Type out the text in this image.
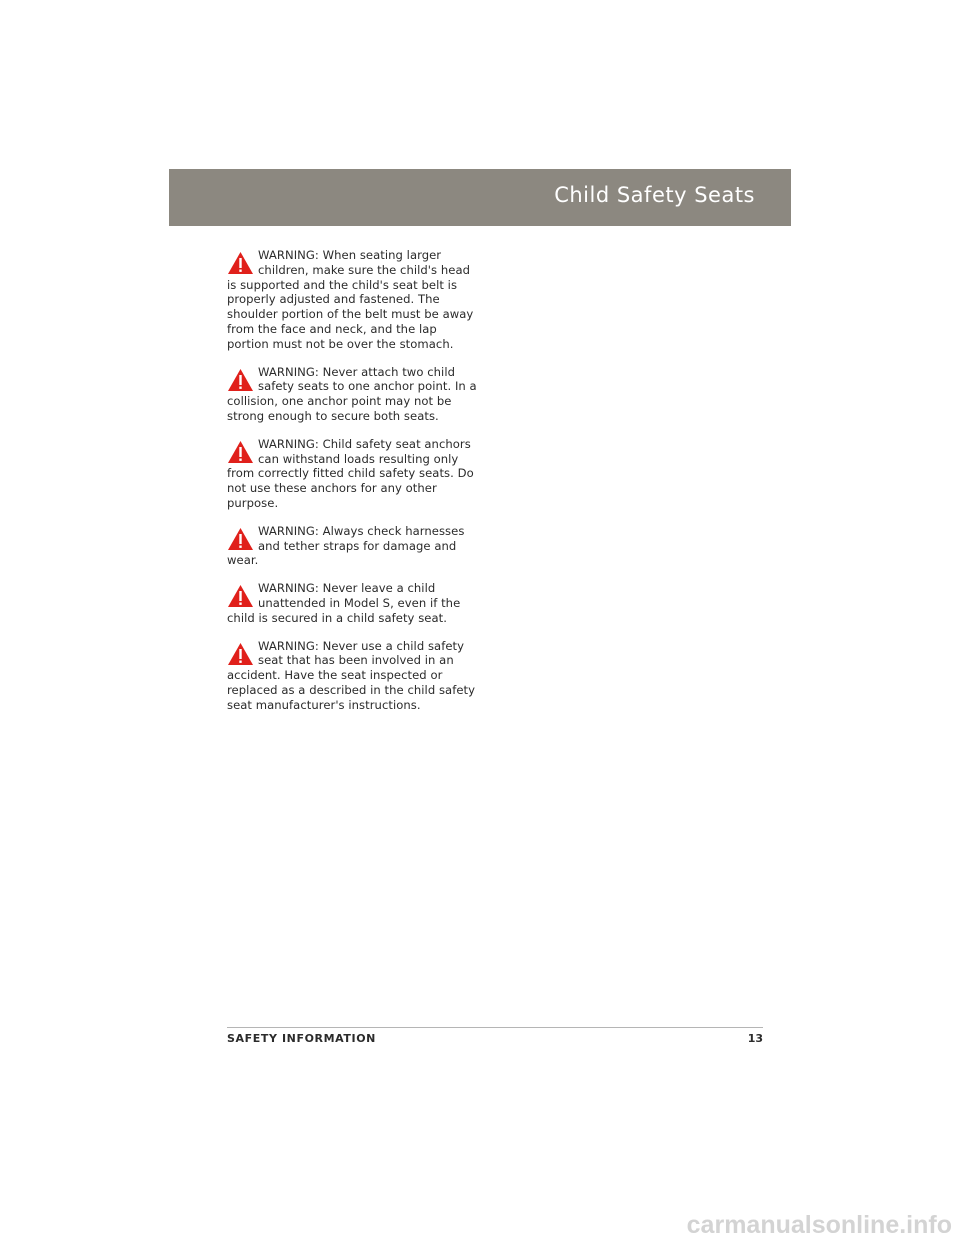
Child Safety Seats
WARNING: When seating larger children, make sure the child's head is supported and the child's seat belt is properly adjusted and fastened. The shoulder portion of the belt must be away from the face and neck, and the lap portion must not be over the stomach.
WARNING: Never attach two child safety seats to one anchor point. In a collision, one anchor point may not be strong enough to secure both seats.
WARNING: Child safety seat anchors can withstand loads resulting only from correctly fitted child safety seats. Do not use these anchors for any other purpose.
WARNING: Always check harnesses and tether straps for damage and wear.
WARNING: Never leave a child unattended in Model S, even if the child is secured in a child safety seat.
WARNING: Never use a child safety seat that has been involved in an accident. Have the seat inspected or replaced as a described in the child safety seat manufacturer's instructions.
SAFETY INFORMATION	13
carmanualsonline.info
